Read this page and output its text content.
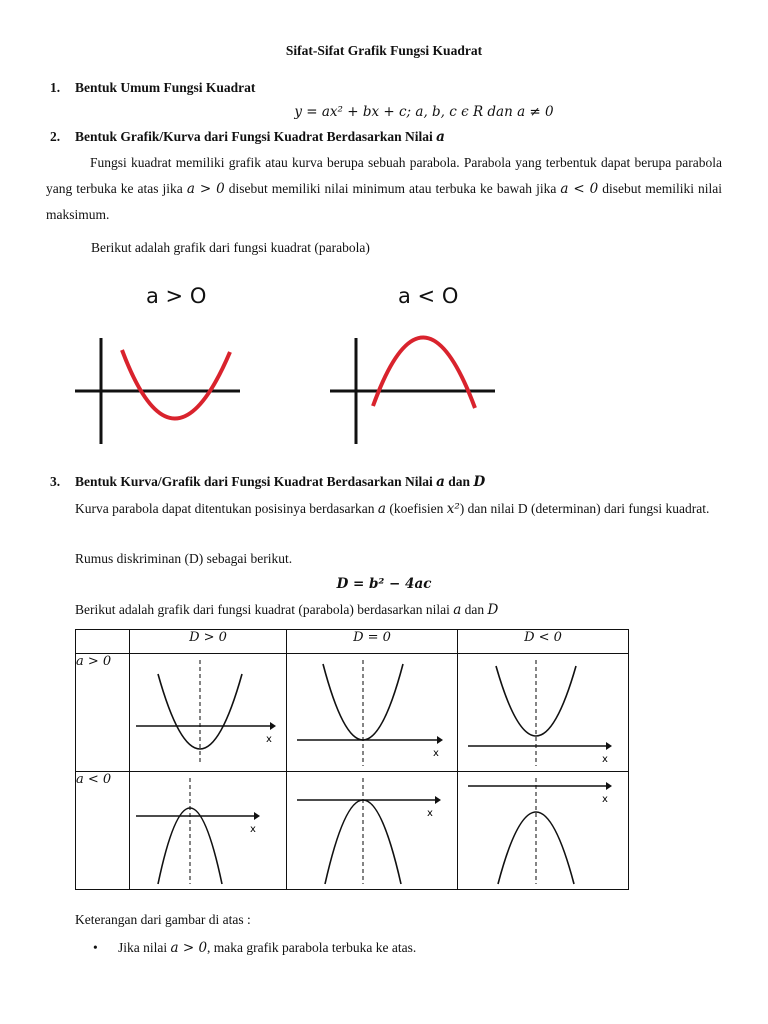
Sifat-Sifat Grafik Fungsi Kuadrat
1. Bentuk Umum Fungsi Kuadrat
y = ax² + bx + c; a, b, c ϵ R dan a ≠ 0
2. Bentuk Grafik/Kurva dari Fungsi Kuadrat Berdasarkan Nilai a
Fungsi kuadrat memiliki grafik atau kurva berupa sebuah parabola. Parabola yang terbentuk dapat berupa parabola yang terbuka ke atas jika a > 0 disebut memiliki nilai minimum atau terbuka ke bawah jika a < 0 disebut memiliki nilai maksimum.
Berikut adalah grafik dari fungsi kuadrat (parabola)
a > O	a < O
3. Bentuk Kurva/Grafik dari Fungsi Kuadrat Berdasarkan Nilai a dan D
Kurva parabola dapat ditentukan posisinya berdasarkan a (koefisien x²) dan nilai D (determinan) dari fungsi kuadrat.
Rumus diskriminan (D) sebagai berikut.
D = b² − 4ac
Berikut adalah grafik dari fungsi kuadrat (parabola) berdasarkan nilai a dan D
	D > 0	D = 0	D < 0
a > 0	x	x	x

a < 0	x	x	x
Keterangan dari gambar di atas :
• Jika nilai a > 0, maka grafik parabola terbuka ke atas.
